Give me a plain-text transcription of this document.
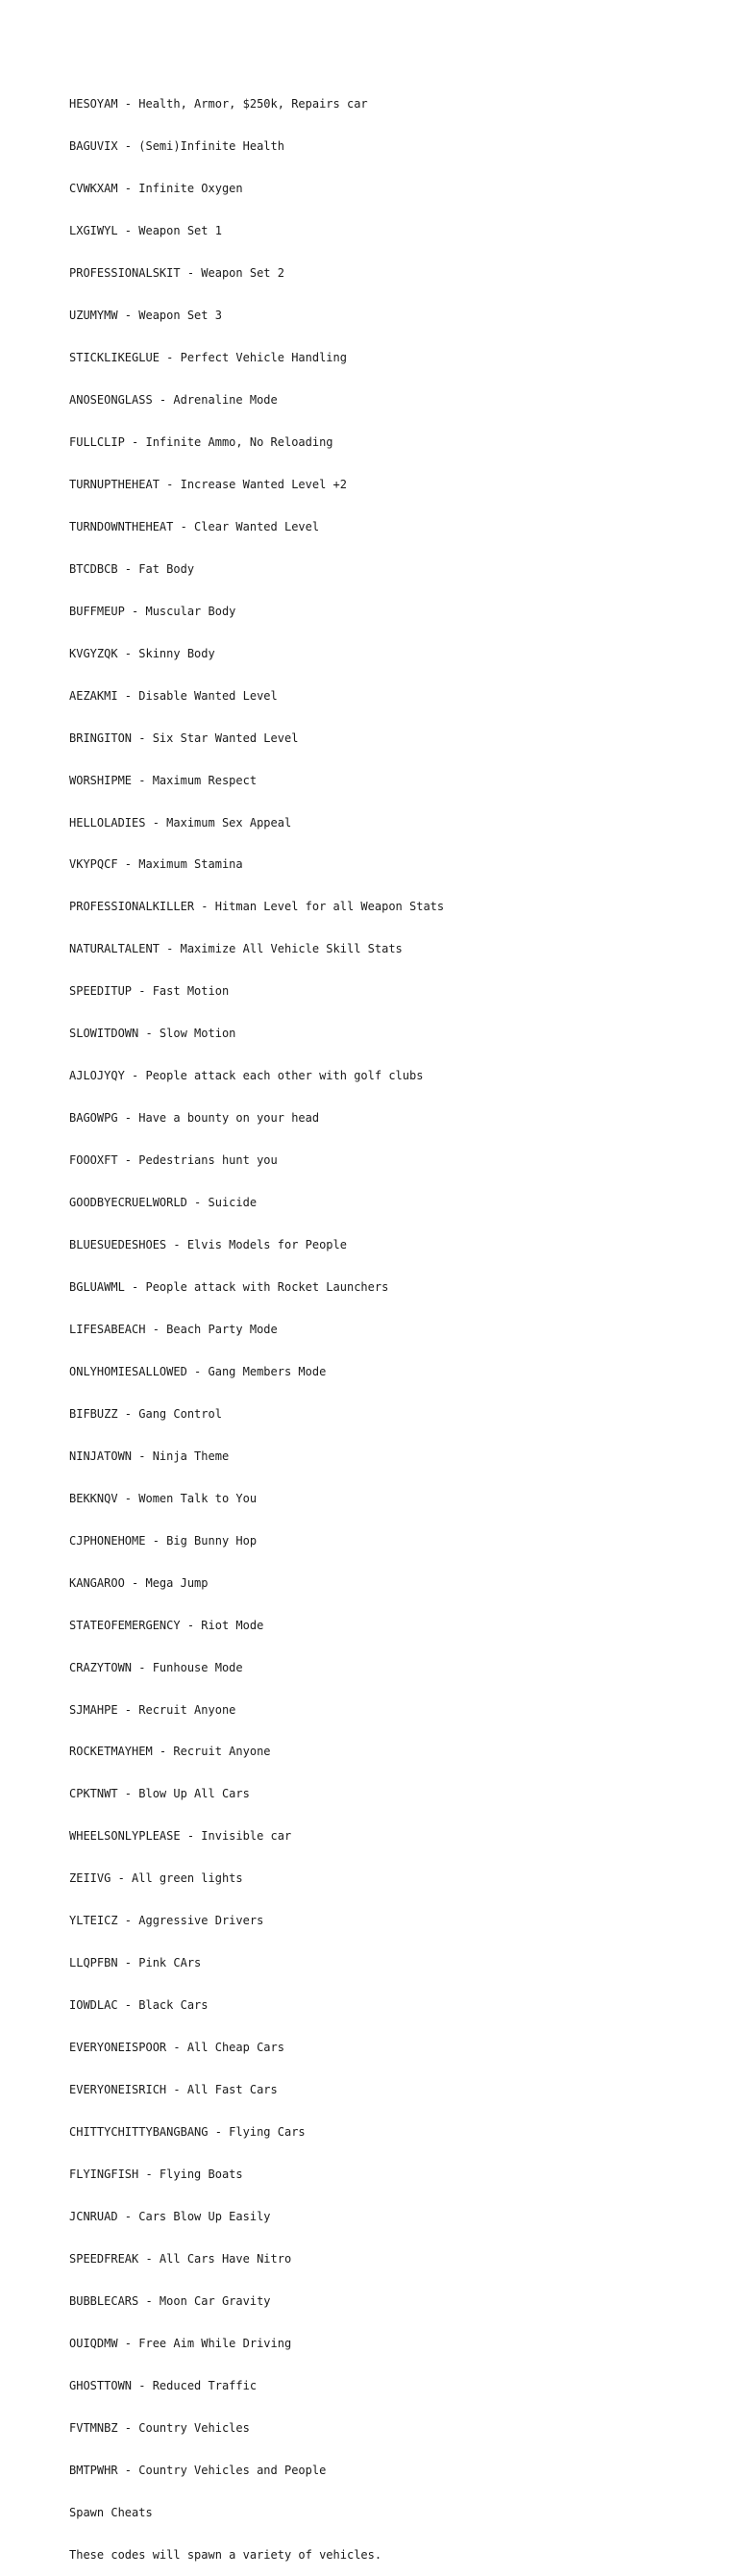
HESOYAM - Health, Armor, $250k, Repairs car

BAGUVIX - (Semi)Infinite Health

CVWKXAM - Infinite Oxygen

LXGIWYL - Weapon Set 1

PROFESSIONALSKIT - Weapon Set 2

UZUMYMW - Weapon Set 3

STICKLIKEGLUE - Perfect Vehicle Handling

ANOSEONGLASS - Adrenaline Mode

FULLCLIP - Infinite Ammo, No Reloading

TURNUPTHEHEAT - Increase Wanted Level +2

TURNDOWNTHEHEAT - Clear Wanted Level

BTCDBCB - Fat Body

BUFFMEUP - Muscular Body

KVGYZQK - Skinny Body

AEZAKMI - Disable Wanted Level

BRINGITON - Six Star Wanted Level

WORSHIPME - Maximum Respect

HELLOLADIES - Maximum Sex Appeal

VKYPQCF - Maximum Stamina

PROFESSIONALKILLER - Hitman Level for all Weapon Stats

NATURALTALENT - Maximize All Vehicle Skill Stats

SPEEDITUP - Fast Motion

SLOWITDOWN - Slow Motion

AJLOJYQY - People attack each other with golf clubs

BAGOWPG - Have a bounty on your head

FOOOXFT - Pedestrians hunt you

GOODBYECRUELWORLD - Suicide

BLUESUEDESHOES - Elvis Models for People

BGLUAWML - People attack with Rocket Launchers

LIFESABEACH - Beach Party Mode

ONLYHOMIESALLOWED - Gang Members Mode

BIFBUZZ - Gang Control

NINJATOWN - Ninja Theme

BEKKNQV - Women Talk to You

CJPHONEHOME - Big Bunny Hop

KANGAROO - Mega Jump

STATEOFEMERGENCY - Riot Mode

CRAZYTOWN - Funhouse Mode

SJMAHPE - Recruit Anyone

ROCKETMAYHEM - Recruit Anyone

CPKTNWT - Blow Up All Cars

WHEELSONLYPLEASE - Invisible car

ZEIIVG - All green lights

YLTEICZ - Aggressive Drivers

LLQPFBN - Pink CArs

IOWDLAC - Black Cars

EVERYONEISPOOR - All Cheap Cars

EVERYONEISRICH - All Fast Cars

CHITTYCHITTYBANGBANG - Flying Cars

FLYINGFISH - Flying Boats

JCNRUAD - Cars Blow Up Easily

SPEEDFREAK - All Cars Have Nitro

BUBBLECARS - Moon Car Gravity

OUIQDMW - Free Aim While Driving

GHOSTTOWN - Reduced Traffic

FVTMNBZ - Country Vehicles

BMTPWHR - Country Vehicles and People

Spawn Cheats

These codes will spawn a variety of vehicles.
